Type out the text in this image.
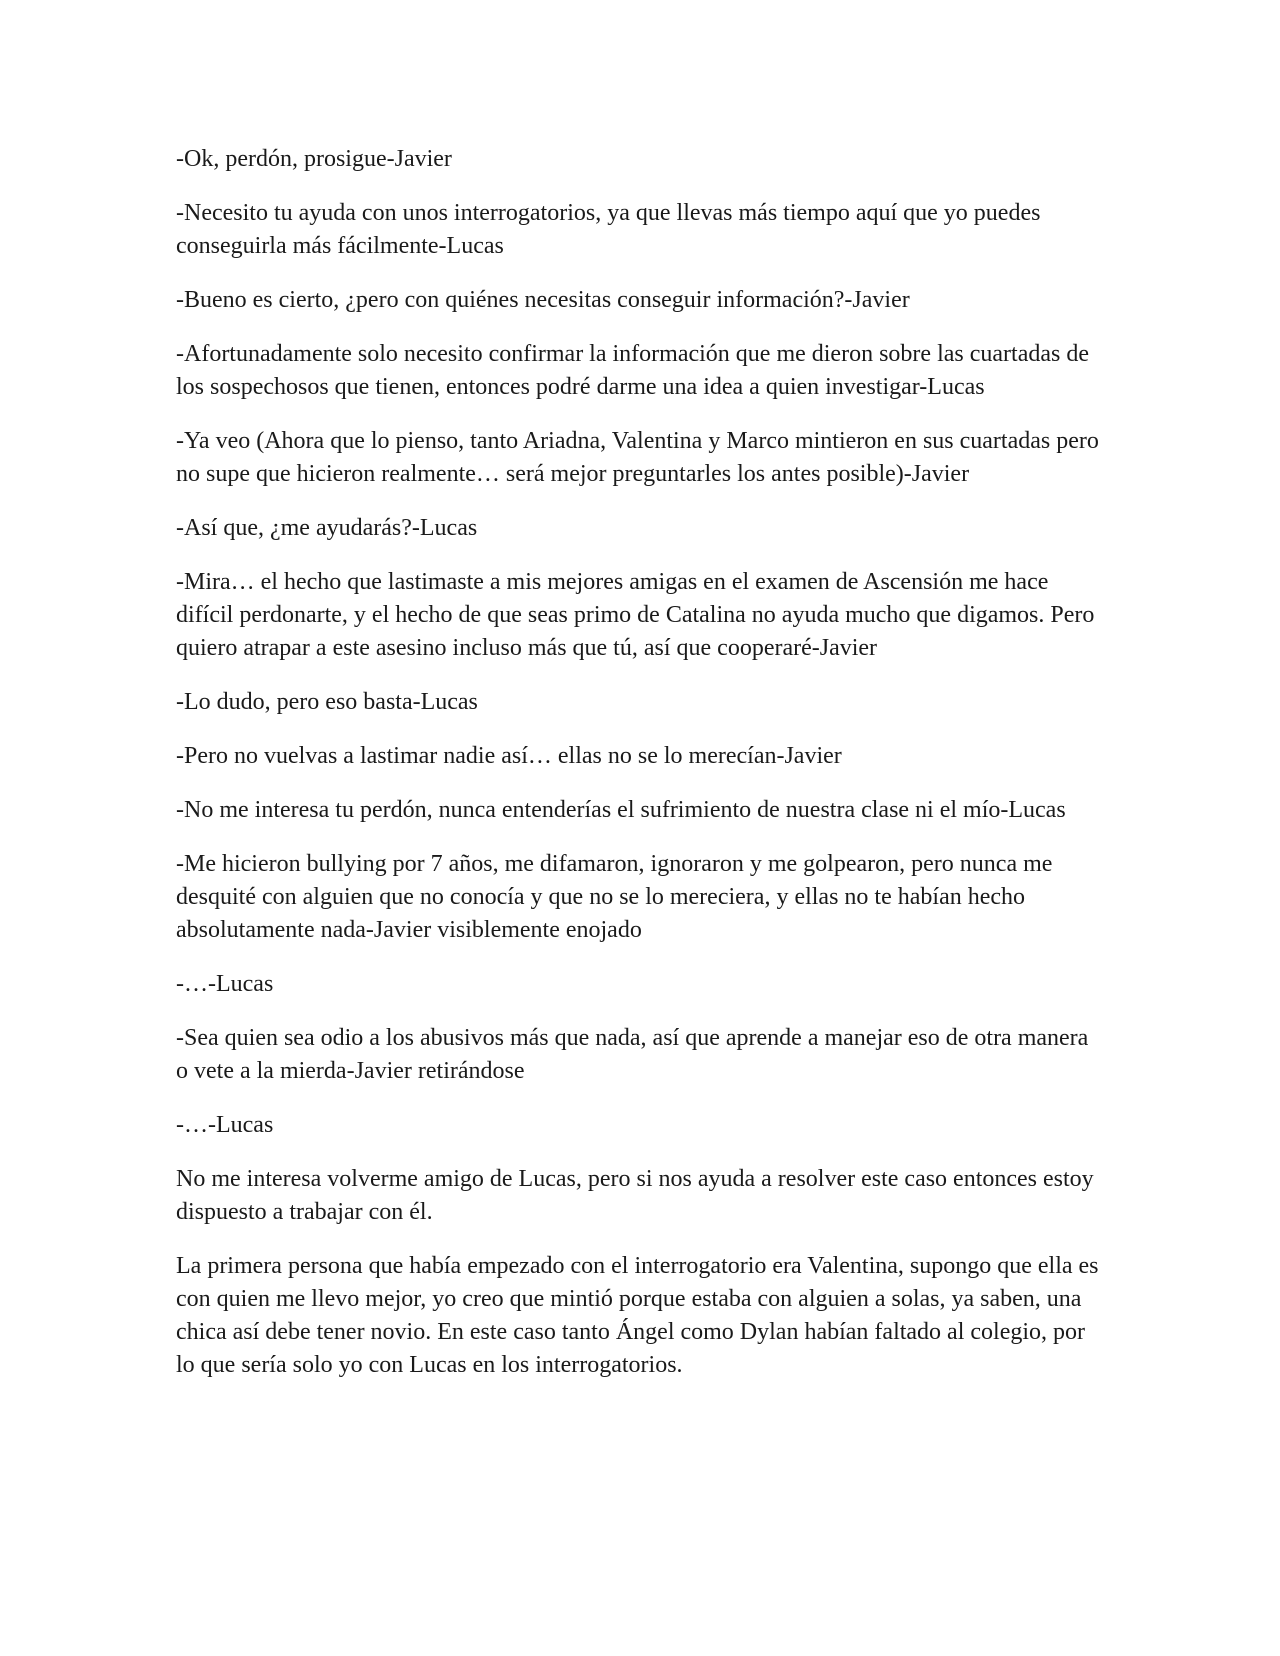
-Ok, perdón, prosigue-Javier

-Necesito tu ayuda con unos interrogatorios, ya que llevas más tiempo aquí que yo puedes conseguirla más fácilmente-Lucas

-Bueno es cierto, ¿pero con quiénes necesitas conseguir información?-Javier

-Afortunadamente solo necesito confirmar la información que me dieron sobre las cuartadas de los sospechosos que tienen, entonces podré darme una idea a quien investigar-Lucas

-Ya veo (Ahora que lo pienso, tanto Ariadna, Valentina y Marco mintieron en sus cuartadas pero no supe que hicieron realmente… será mejor preguntarles los antes posible)-Javier

-Así que, ¿me ayudarás?-Lucas

-Mira… el hecho que lastimaste a mis mejores amigas en el examen de Ascensión me hace difícil perdonarte, y el hecho de que seas primo de Catalina no ayuda mucho que digamos. Pero quiero atrapar a este asesino incluso más que tú, así que cooperaré-Javier

-Lo dudo, pero eso basta-Lucas

-Pero no vuelvas a lastimar nadie así… ellas no se lo merecían-Javier

-No me interesa tu perdón, nunca entenderías el sufrimiento de nuestra clase ni el mío-Lucas

-Me hicieron bullying por 7 años, me difamaron, ignoraron y me golpearon, pero nunca me desquité con alguien que no conocía y que no se lo mereciera, y ellas no te habían hecho absolutamente nada-Javier visiblemente enojado

-…-Lucas

-Sea quien sea odio a los abusivos más que nada, así que aprende a manejar eso de otra manera o vete a la mierda-Javier retirándose

-…-Lucas

No me interesa volverme amigo de Lucas, pero si nos ayuda a resolver este caso entonces estoy dispuesto a trabajar con él.

La primera persona que había empezado con el interrogatorio era Valentina, supongo que ella es con quien me llevo mejor, yo creo que mintió porque estaba con alguien a solas, ya saben, una chica así debe tener novio. En este caso tanto Ángel como Dylan habían faltado al colegio, por lo que sería solo yo con Lucas en los interrogatorios.
